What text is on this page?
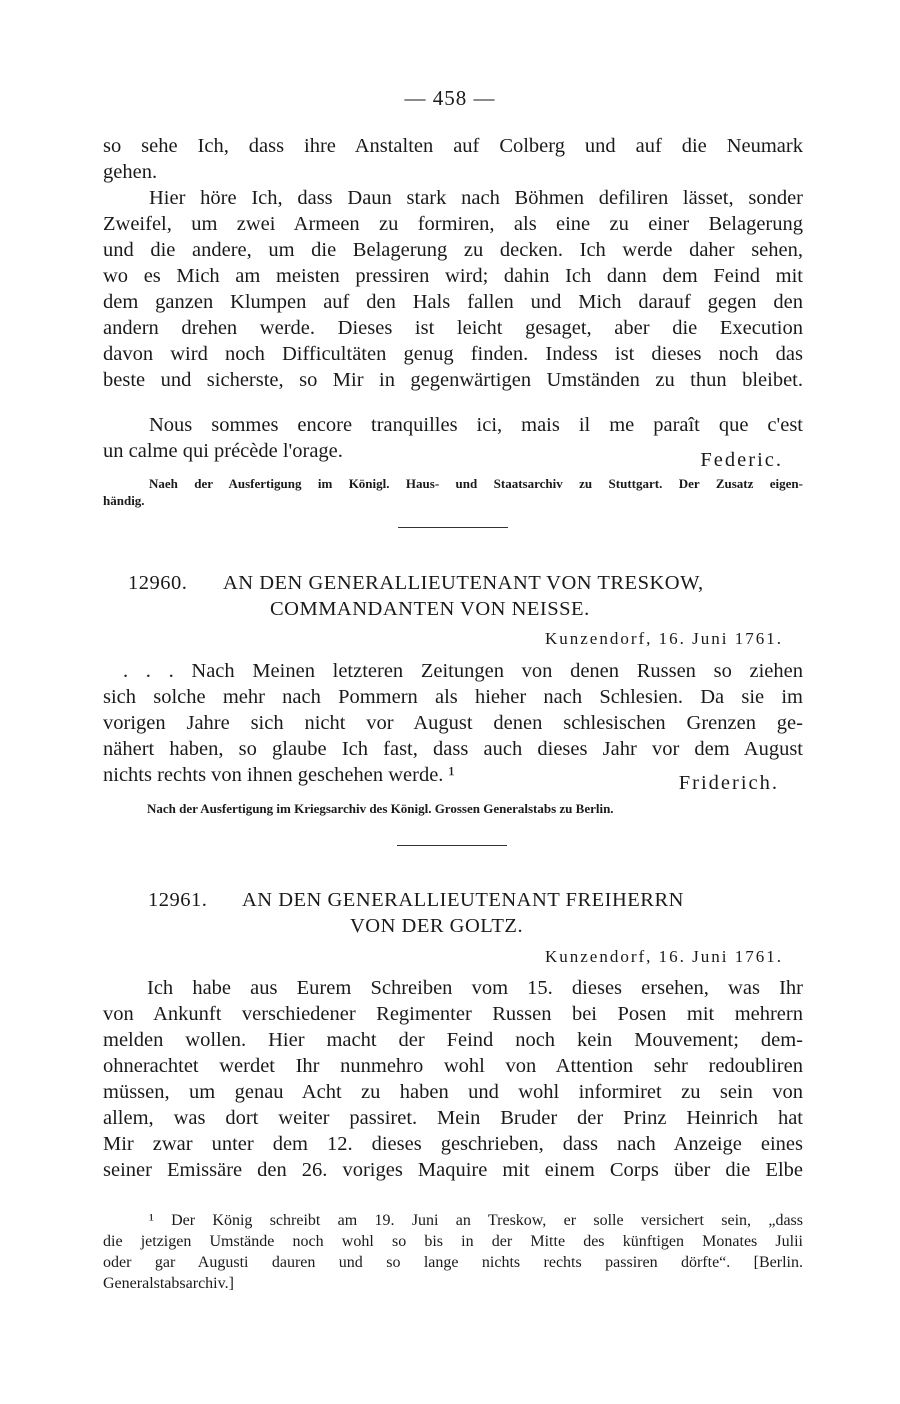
— 458 —
so sehe Ich, dass ihre Anstalten auf Colberg und auf die Neumark
gehen.
Hier höre Ich, dass Daun stark nach Böhmen defiliren lässet, sonder
Zweifel, um zwei Armeen zu formiren, als eine zu einer Belagerung
und die andere, um die Belagerung zu decken. Ich werde daher sehen,
wo es Mich am meisten pressiren wird; dahin Ich dann dem Feind mit
dem ganzen Klumpen auf den Hals fallen und Mich darauf gegen den
andern drehen werde. Dieses ist leicht gesaget, aber die Execution
davon wird noch Difficultäten genug finden. Indess ist dieses noch das
beste und sicherste, so Mir in gegenwärtigen Umständen zu thun bleibet.
Nous sommes encore tranquilles ici, mais il me paraît que c'est
un calme qui précède l'orage.	Federic.
Naeh der Ausfertigung im Königl. Haus- und Staatsarchiv zu Stuttgart. Der Zusatz eigen-
händig.
12960.	AN DEN GENERALLIEUTENANT VON TRESKOW,
COMMANDANTEN VON NEISSE.
Kunzendorf, 16. Juni 1761.
. . . Nach Meinen letzteren Zeitungen von denen Russen so ziehen
sich solche mehr nach Pommern als hieher nach Schlesien. Da sie im
vorigen Jahre sich nicht vor August denen schlesischen Grenzen ge-
nähert haben, so glaube Ich fast, dass auch dieses Jahr vor dem August
nichts rechts von ihnen geschehen werde. ¹	Friderich.
Nach der Ausfertigung im Kriegsarchiv des Königl. Grossen Generalstabs zu Berlin.
12961.	AN DEN GENERALLIEUTENANT FREIHERRN
VON DER GOLTZ.
Kunzendorf, 16. Juni 1761.
Ich habe aus Eurem Schreiben vom 15. dieses ersehen, was Ihr
von Ankunft verschiedener Regimenter Russen bei Posen mit mehrern
melden wollen. Hier macht der Feind noch kein Mouvement; dem-
ohnerachtet werdet Ihr nunmehro wohl von Attention sehr redoubliren
müssen, um genau Acht zu haben und wohl informiret zu sein von
allem, was dort weiter passiret. Mein Bruder der Prinz Heinrich hat
Mir zwar unter dem 12. dieses geschrieben, dass nach Anzeige eines
seiner Emissäre den 26. voriges Maquire mit einem Corps über die Elbe
¹ Der König schreibt am 19. Juni an Treskow, er solle versichert sein, „dass
die jetzigen Umstände noch wohl so bis in der Mitte des künftigen Monates Julii
oder gar Augusti dauren und so lange nichts rechts passiren dörfte“. [Berlin.
Generalstabsarchiv.]
